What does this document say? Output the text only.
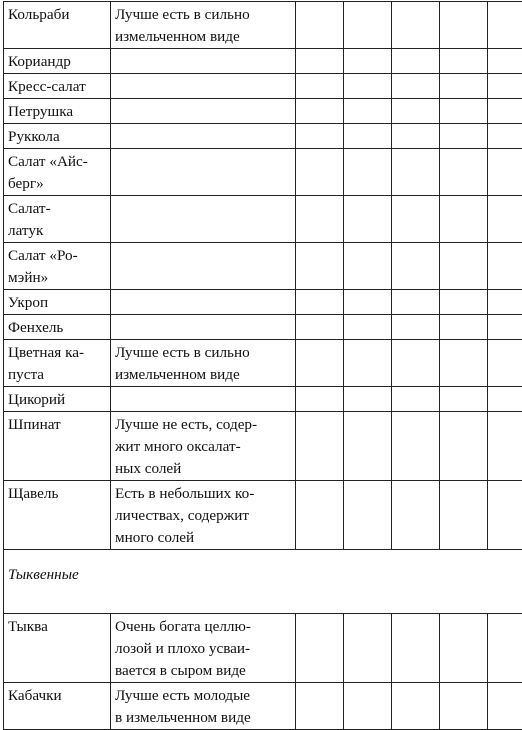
Кольраби	Лучше есть в сильно
измельченном виде					
Кориандр						
Кресс-салат						
Петрушка						
Руккола						
Салат «Айс-
берг»						
Салат-
латук						
Салат «Ро-
мэйн»						
Укроп						
Фенхель						
Цветная ка-
пуста	Лучше есть в сильно
измельченном виде					
Цикорий						
Шпинат	Лучше не есть, содер-
жит много оксалат-
ных солей					
Щавель	Есть в небольших ко-
личествах, содержит
много солей					
Тыквенные						
Тыква	Очень богата целлю-
лозой и плохо усваи-
вается в сыром виде					
Кабачки	Лучше есть молодые
в измельченном виде					
